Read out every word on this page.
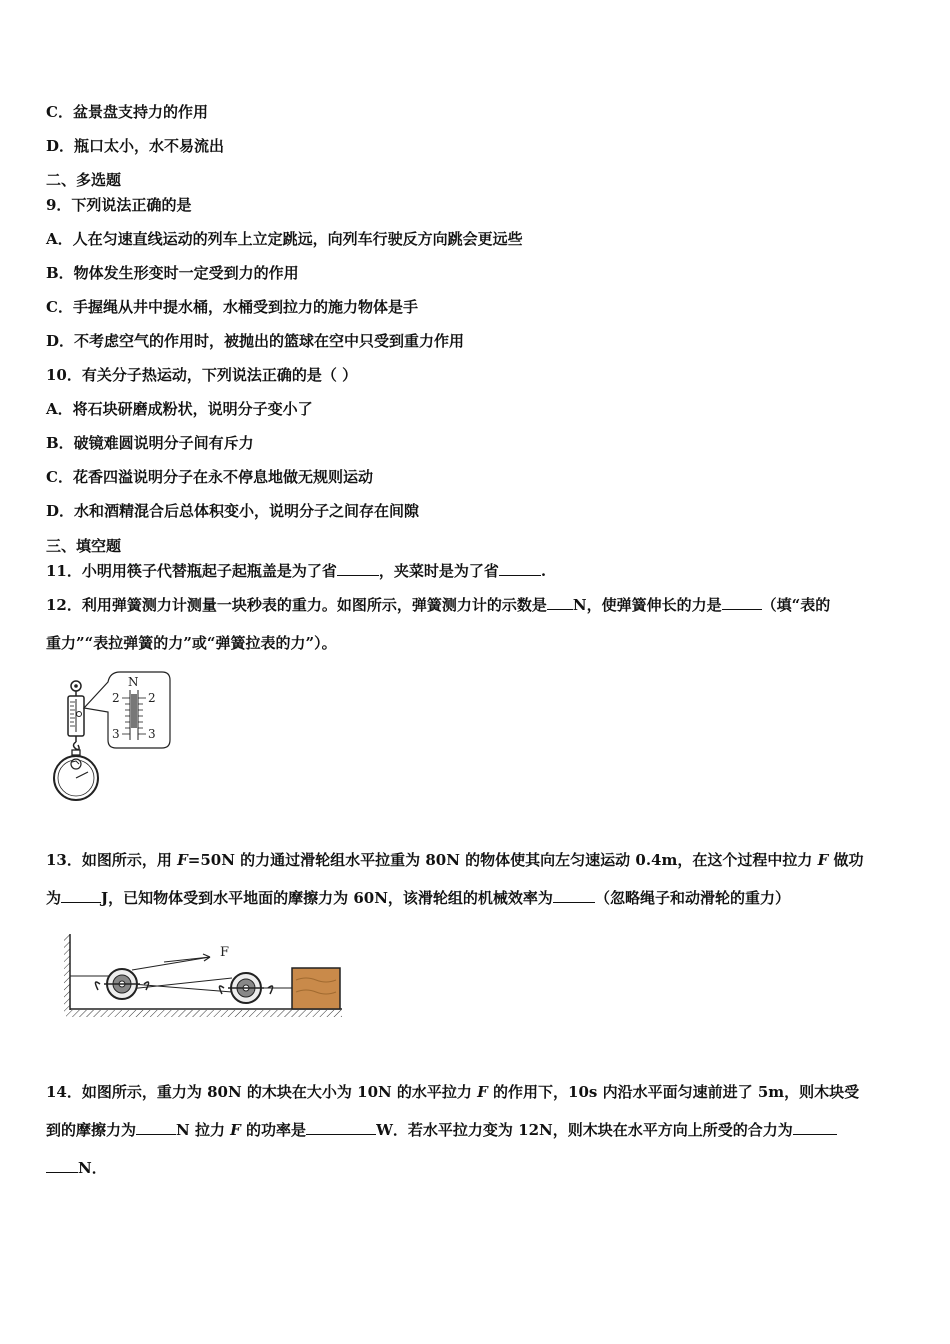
C．盆景盘支持力的作用
D．瓶口太小，水不易流出
二、多选题
9．下列说法正确的是
A．人在匀速直线运动的列车上立定跳远，向列车行驶反方向跳会更远些
B．物体发生形变时一定受到力的作用
C．手握绳从井中提水桶，水桶受到拉力的施力物体是手
D．不考虑空气的作用时，被抛出的篮球在空中只受到重力作用
10．有关分子热运动，下列说法正确的是（ ）
A．将石块研磨成粉状，说明分子变小了
B．破镜难圆说明分子间有斥力
C．花香四溢说明分子在永不停息地做无规则运动
D．水和酒精混合后总体积变小，说明分子之间存在间隙
三、填空题
11．小明用筷子代替瓶起子起瓶盖是为了省	，夹菜时是为了省	.
12．利用弹簧测力计测量一块秒表的重力。如图所示，弹簧测力计的示数是 N，使弹簧伸长的力是	（填“表的
重力”“表拉弹簧的力”或“弹簧拉表的力”）。
N
2 2
3 3
13．如图所示，用 F=50N 的力通过滑轮组水平拉重为 80N 的物体使其向左匀速运动 0.4m，在这个过程中拉力 F 做功
为	J，已知物体受到水平地面的摩擦力为 60N，该滑轮组的机械效率为	（忽略绳子和动滑轮的重力）
F
14．如图所示，重力为 80N 的木块在大小为 10N 的水平拉力 F 的作用下，10s 内沿水平面匀速前进了 5m，则木块受
到的摩擦力为	N 拉力 F 的功率是	W．若水平拉力变为 12N，则木块在水平方向上所受的合力为
N．
